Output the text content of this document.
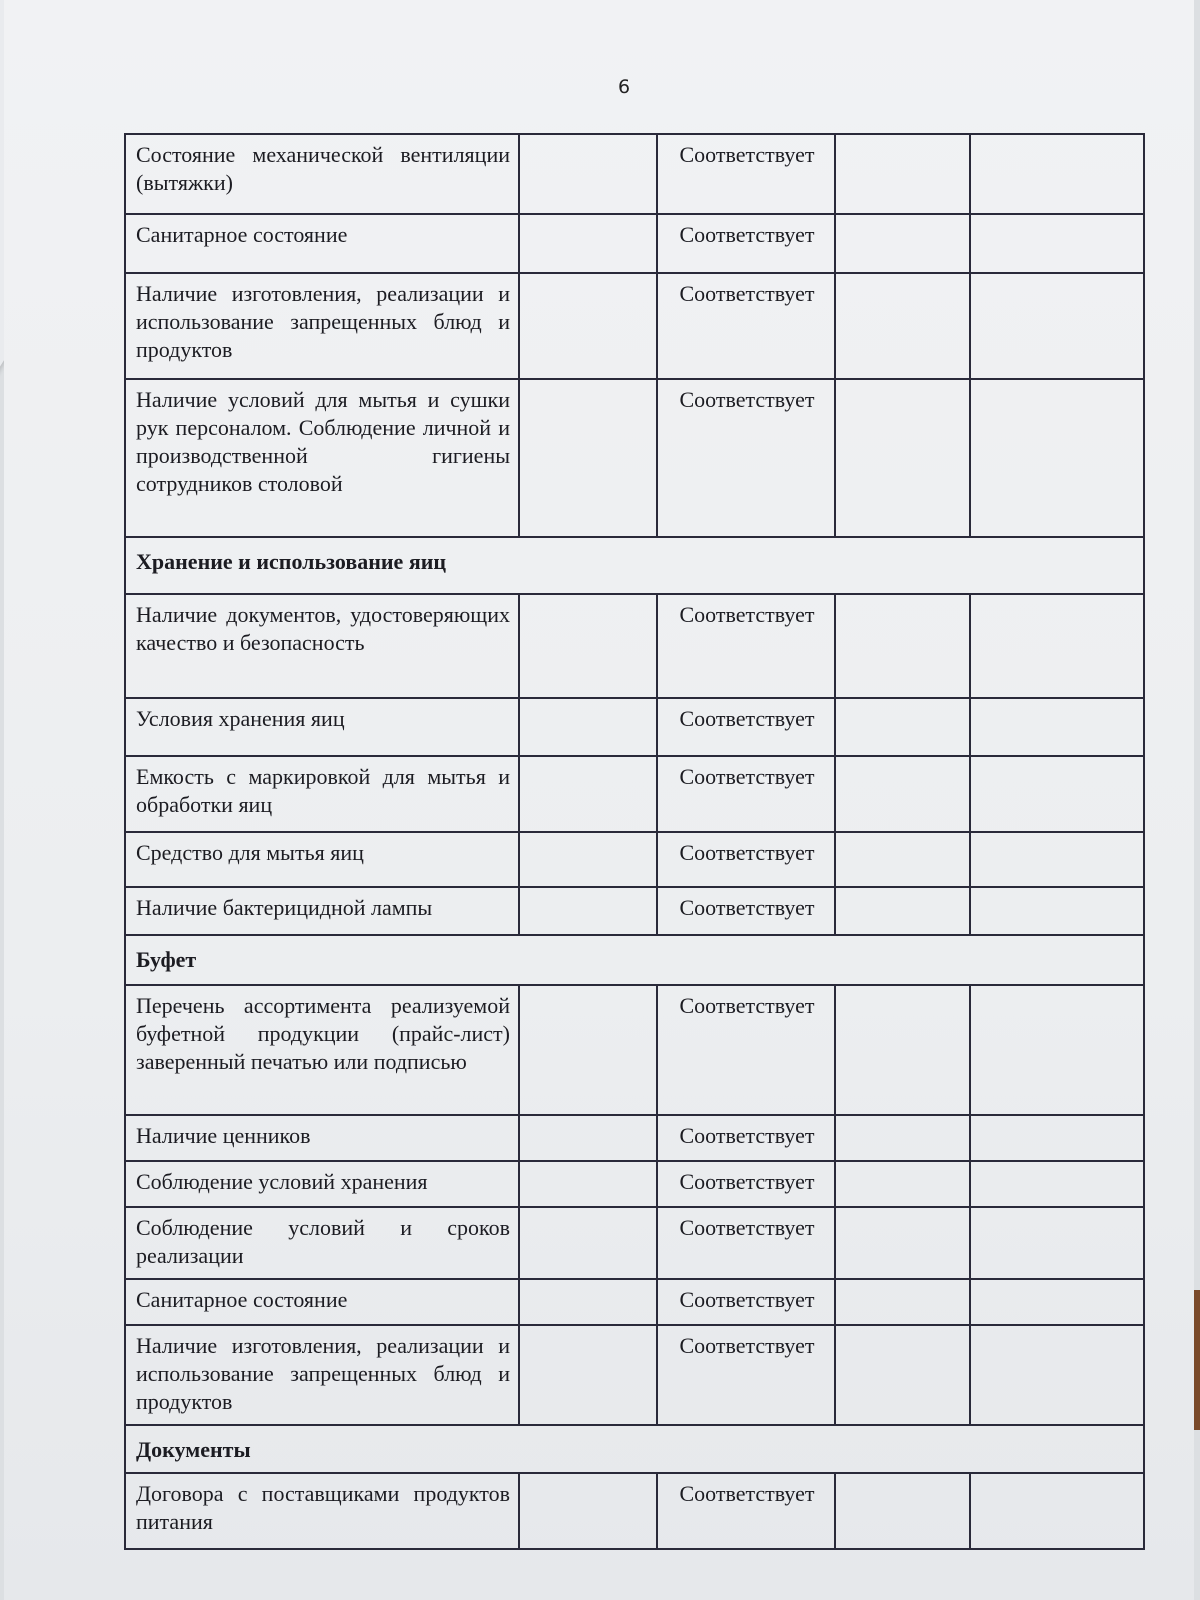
6
Состояние механической вентиляции (вытяжки)		Соответствует		
Санитарное состояние		Соответствует		
Наличие изготовления, реализации и использование запрещенных блюд и продуктов		Соответствует		
Наличие условий для мытья и сушки рук персоналом. Соблюдение личной и производственной гигиены сотрудников столовой		Соответствует		
Хранение и использование яиц				
Наличие документов, удостоверяющих качество и безопасность		Соответствует		
Условия хранения яиц		Соответствует		
Емкость с маркировкой для мытья и обработки яиц		Соответствует		
Средство для мытья яиц		Соответствует		
Наличие бактерицидной лампы		Соответствует		
Буфет				
Перечень ассортимента реализуемой буфетной продукции (прайс-лист) заверенный печатью или подписью		Соответствует		
Наличие ценников		Соответствует		
Соблюдение условий хранения		Соответствует		
Соблюдение условий и сроков реализации		Соответствует		
Санитарное состояние		Соответствует		
Наличие изготовления, реализации и использование запрещенных блюд и продуктов		Соответствует		
Документы				
Договора с поставщиками продуктов питания		Соответствует		
